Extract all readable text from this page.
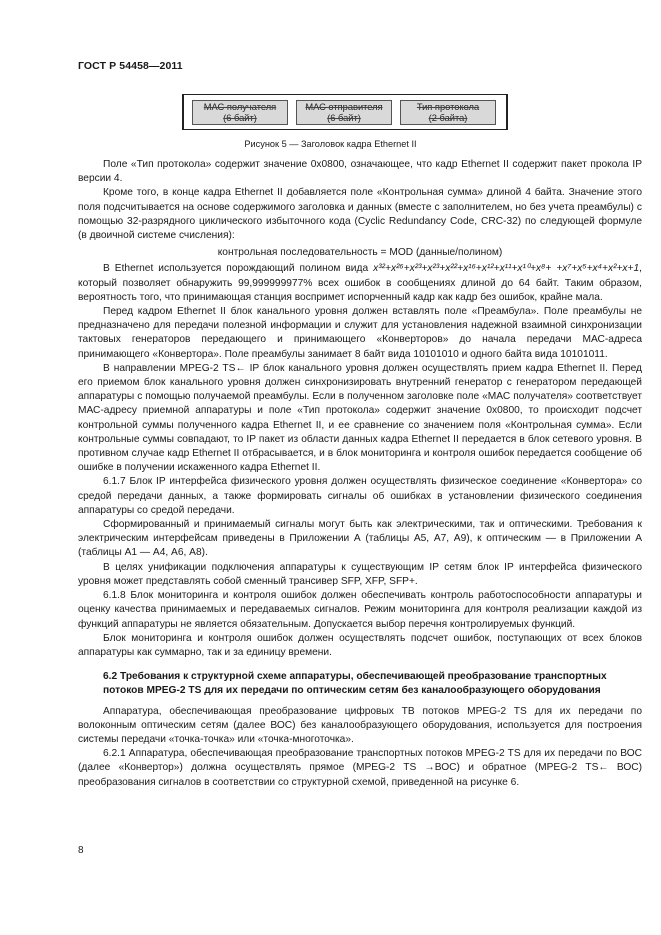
ГОСТ Р 54458—2011
МАС получателя
(6 байт)
МАС отправителя
(6 байт)
Тип протокола
(2 байта)
Рисунок 5 — Заголовок кадра Ethernet II

Поле «Тип протокола» содержит значение 0х0800, означающее, что кадр Ethernet II содержит пакет прокола IP версии 4.

Кроме того, в конце кадра Ethernet II добавляется поле «Контрольная сумма» длиной 4 байта. Значение этого поля подсчитывается на основе содержимого заголовка и данных (вместе с заполнителем, но без учета преамбулы) с помощью 32-разрядного циклического избыточного кода (Cyclic Redundancy Code, CRC-32) по следующей формуле (в двоичной системе счисления):

контрольная последовательность = MOD (данные/полином)

В Ethernet используется порождающий полином вида x³²+x²⁶+x²³+x²³+x²²+x¹⁶+x¹²+x¹¹+x¹⁰+x⁸+ +x⁷+x⁵+x⁴+x²+x+1, который позволяет обнаружить 99,999999977% всех ошибок в сообщениях длиной до 64 байт. Таким образом, вероятность того, что принимающая станция воспримет испорченный кадр как кадр без ошибок, крайне мала.

Перед кадром Ethernet II блок канального уровня должен вставлять поле «Преамбула». Поле преамбулы не предназначено для передачи полезной информации и служит для установления надежной взаимной синхронизации тактовых генераторов передающего и принимающего «Конверторов» до начала передачи МАС-адреса принимающего «Конвертора». Поле преамбулы занимает 8 байт вида 10101010 и одного байта вида 10101011.

В направлении MPEG-2 TS← IP блок канального уровня должен осуществлять прием кадра Ethernet II. Перед его приемом блок канального уровня должен синхронизировать внутренний генератор с генератором передающей аппаратуры с помощью получаемой преамбулы. Если в полученном заголовке поле «МАС получателя» соответствует МАС-адресу приемной аппаратуры и поле «Тип протокола» содержит значение 0х0800, то происходит подсчет контрольной суммы полученного кадра Ethernet II, и ее сравнение со значением поля «Контрольная сумма». Если контрольные суммы совпадают, то IP пакет из области данных кадра Ethernet II передается в блок сетевого уровня. В противном случае кадр Ethernet II отбрасывается, и в блок мониторинга и контроля ошибок передается сообщение об ошибке в получении искаженного кадра Ethernet II.

6.1.7 Блок IP интерфейса физического уровня должен осуществлять физическое соединение «Конвертора» со средой передачи данных, а также формировать сигналы об ошибках в установлении физического соединения аппаратуры со средой передачи.

Сформированный и принимаемый сигналы могут быть как электрическими, так и оптическими. Требования к электрическим интерфейсам приведены в Приложении А (таблицы А5, А7, А9), к оптическим — в Приложении А (таблицы А1 — А4, А6, А8).

В целях унификации подключения аппаратуры к существующим IP сетям блок IP интерфейса физического уровня может представлять собой сменный трансивер SFP, XFP, SFP+.

6.1.8 Блок мониторинга и контроля ошибок должен обеспечивать контроль работоспособности аппаратуры и оценку качества принимаемых и передаваемых сигналов. Режим мониторинга для контроля реализации каждой из функций аппаратуры не является обязательным. Допускается выбор перечня контролируемых функций.

Блок мониторинга и контроля ошибок должен осуществлять подсчет ошибок, поступающих от всех блоков аппаратуры как суммарно, так и за единицу времени.

6.2 Требования к структурной схеме аппаратуры, обеспечивающей преобразование транспортных потоков MPEG-2 TS для их передачи по оптическим сетям без каналообразующего оборудования

Аппаратура, обеспечивающая преобразование цифровых ТВ потоков MPEG-2 TS для их передачи по волоконным оптическим сетям (далее ВОС) без каналообразующего оборудования, используется для построения системы передачи «точка-точка» или «точка-многоточка».

6.2.1 Аппаратура, обеспечивающая преобразование транспортных потоков MPEG-2 TS для их передачи по ВОС (далее «Конвертор») должна осуществлять прямое (MPEG-2 TS →ВОС) и обратное (MPEG-2 TS← ВОС) преобразования сигналов в соответствии со структурной схемой, приведенной на рисунке 6.

8
